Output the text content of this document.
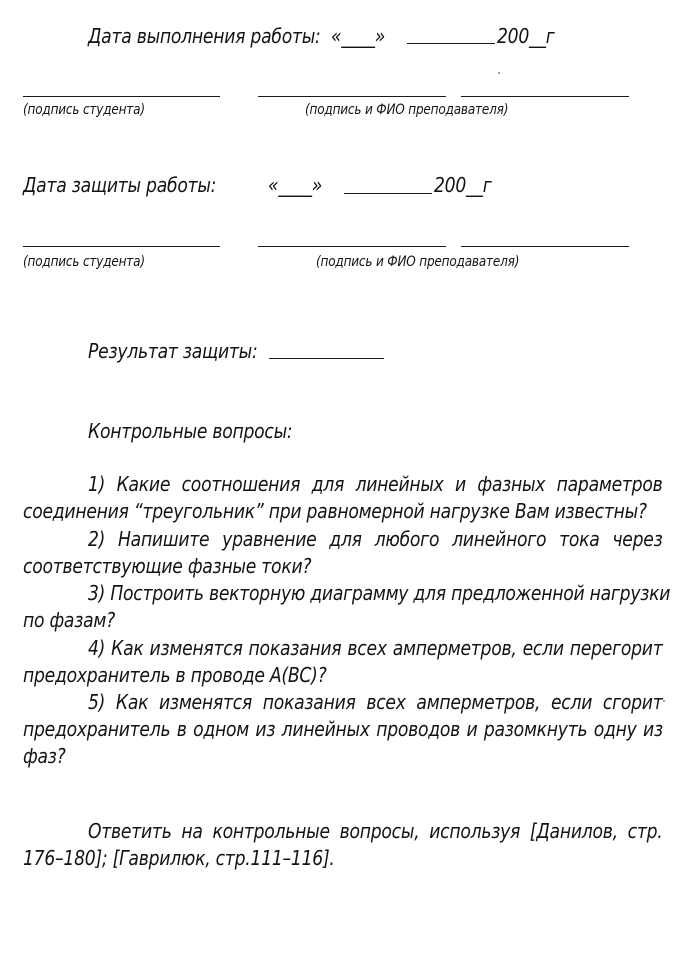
Дата выполнения работы: «____»	200__г
(подпись студента)	(подпись и ФИО преподавателя)
Дата защиты работы:	«____»	200__г
(подпись студента)	(подпись и ФИО преподавателя)
Результат защиты:
Контрольные вопросы:
1) Какие соотношения для линейных и фазных параметров
соединения “треугольник” при равномерной нагрузке Вам известны?
2) Напишите уравнение для любого линейного тока через
соответствующие фазные токи?
3) Построить векторную диаграмму для предложенной нагрузки
по фазам?
4) Как изменятся показания всех амперметров, если перегорит
предохранитель в проводе А(ВС)?
5) Как изменятся показания всех амперметров, если сгорит
предохранитель в одном из линейных проводов и разомкнуть одну из
фаз?
Ответить на контрольные вопросы, используя [Данилов, стр.
176–180]; [Гаврилюк, стр.111–116].
